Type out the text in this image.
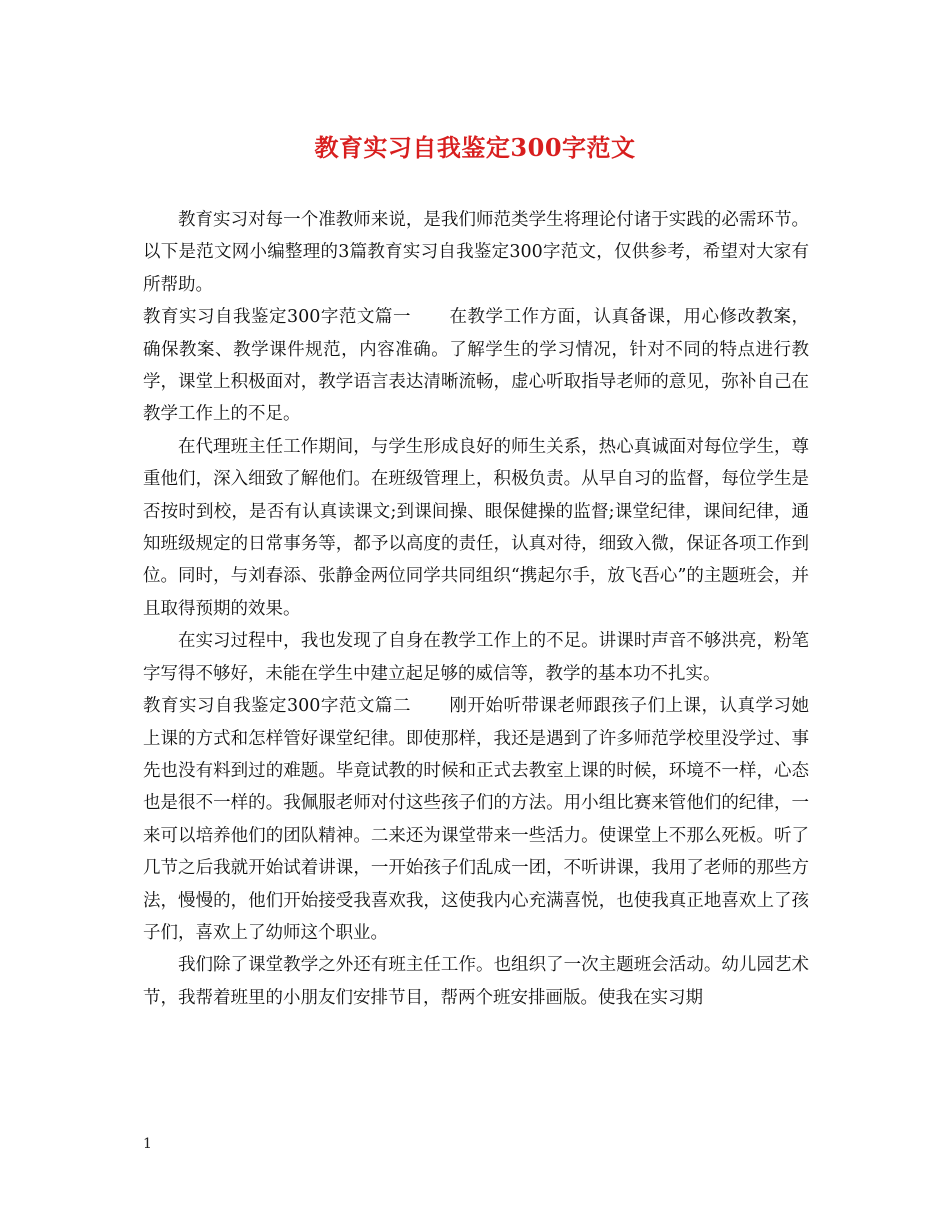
教育实习自我鉴定300字范文

教育实习对每一个准教师来说，是我们师范类学生将理论付诸于实践的必需环节。以下是范文网小编整理的3篇教育实习自我鉴定300字范文，仅供参考，希望对大家有所帮助。

教育实习自我鉴定300字范文篇一 在教学工作方面，认真备课，用心修改教案，确保教案、教学课件规范，内容准确。了解学生的学习情况，针对不同的特点进行教学，课堂上积极面对，教学语言表达清晰流畅，虚心听取指导老师的意见，弥补自己在教学工作上的不足。

在代理班主任工作期间，与学生形成良好的师生关系，热心真诚面对每位学生，尊重他们，深入细致了解他们。在班级管理上，积极负责。从早自习的监督，每位学生是否按时到校，是否有认真读课文;到课间操、眼保健操的监督;课堂纪律，课间纪律，通知班级规定的日常事务等，都予以高度的责任，认真对待，细致入微，保证各项工作到位。同时，与刘春添、张静金两位同学共同组织“携起尔手，放飞吾心”的主题班会，并且取得预期的效果。

在实习过程中，我也发现了自身在教学工作上的不足。讲课时声音不够洪亮，粉笔字写得不够好，未能在学生中建立起足够的威信等，教学的基本功不扎实。

教育实习自我鉴定300字范文篇二 刚开始听带课老师跟孩子们上课，认真学习她上课的方式和怎样管好课堂纪律。即使那样，我还是遇到了许多师范学校里没学过、事先也没有料到过的难题。毕竟试教的时候和正式去教室上课的时候，环境不一样，心态也是很不一样的。我佩服老师对付这些孩子们的方法。用小组比赛来管他们的纪律，一来可以培养他们的团队精神。二来还为课堂带来一些活力。使课堂上不那么死板。听了几节之后我就开始试着讲课，一开始孩子们乱成一团，不听讲课，我用了老师的那些方法，慢慢的，他们开始接受我喜欢我，这使我内心充满喜悦，也使我真正地喜欢上了孩子们，喜欢上了幼师这个职业。

我们除了课堂教学之外还有班主任工作。也组织了一次主题班会活动。幼儿园艺术节，我帮着班里的小朋友们安排节目，帮两个班安排画版。使我在实习期

1
